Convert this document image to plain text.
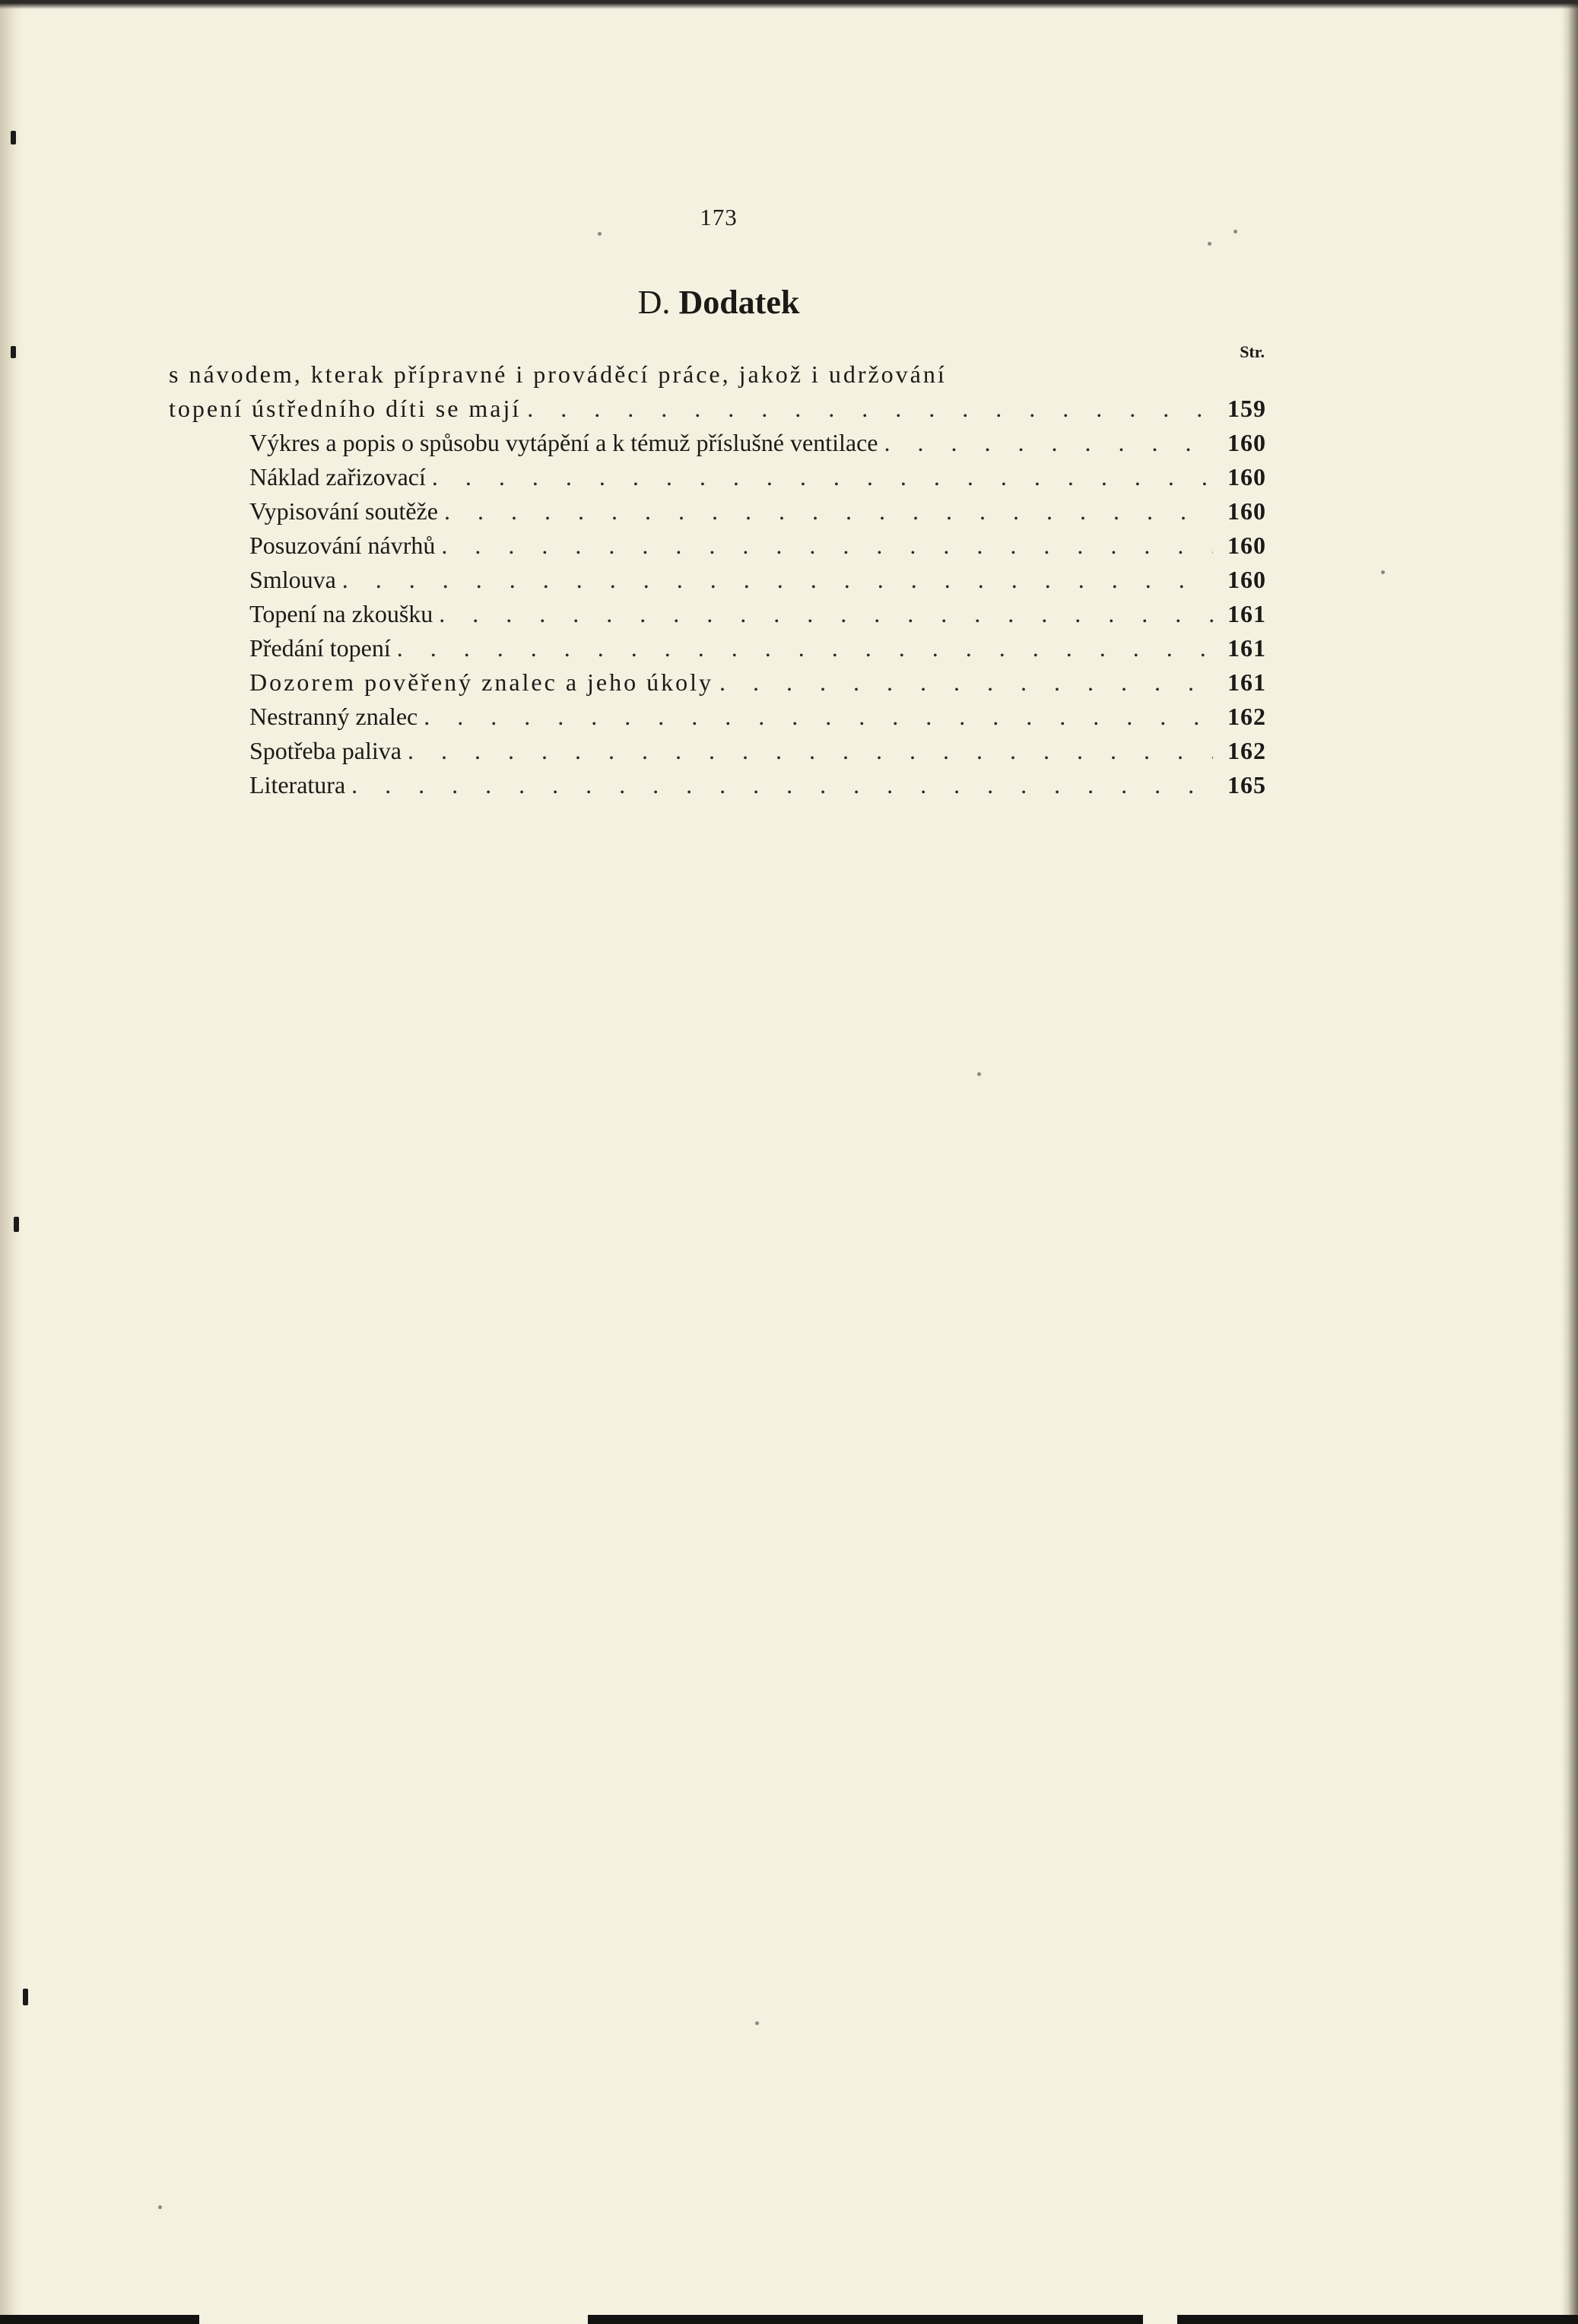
173
D. Dodatek
Str.
s návodem, kterak přípravné i prováděcí práce, jakož i udržování
topení ústředního díti se mají . . .	159
Výkres a popis o spůsobu vytápění a k témuž příslušné ventilace . . .	160
Náklad zařizovací . . .	160
Vypisování soutěže . . .	160
Posuzování návrhů . . .	160
Smlouva . . .	160
Topení na zkoušku . . .	161
Předání topení . . .	161
Dozorem pověřený znalec a jeho úkoly . . .	161
Nestranný znalec . . .	162
Spotřeba paliva . . .	162
Literatura . . .	165
